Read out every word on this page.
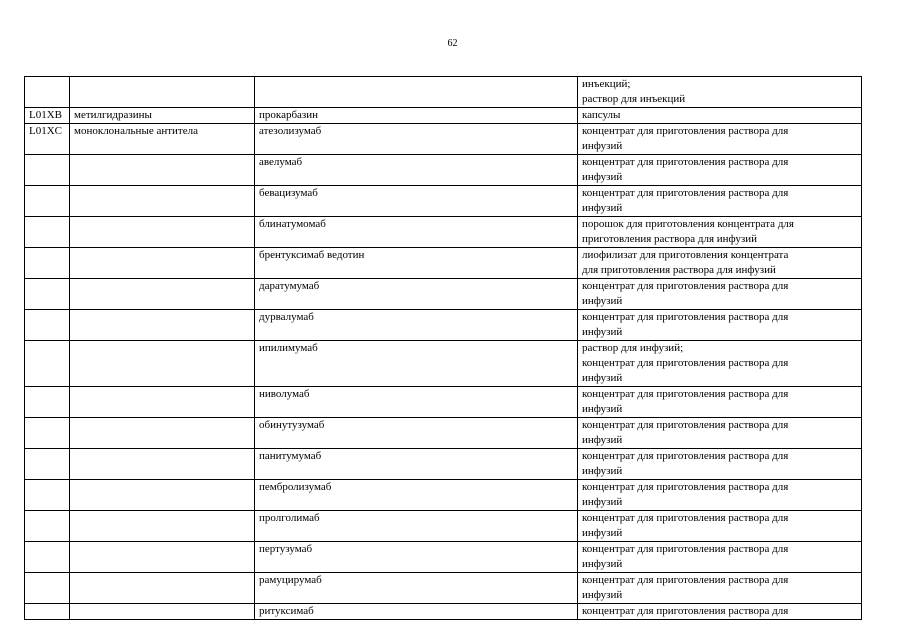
62

			инъекций;
раствор для инъекций

L01XB	метилгидразины	прокарбазин	капсулы
L01XC	моноклональные антитела	атезолизумаб	концентрат для приготовления раствора для
инфузий

		авелумаб	концентрат для приготовления раствора для
инфузий

		бевацизумаб	концентрат для приготовления раствора для
инфузий

		блинатумомаб	порошок для приготовления концентрата для
приготовления раствора для инфузий

		брентуксимаб ведотин	лиофилизат для приготовления концентрата
для приготовления раствора для инфузий

		даратумумаб	концентрат для приготовления раствора для
инфузий

		дурвалумаб	концентрат для приготовления раствора для
инфузий

		ипилимумаб	раствор для инфузий;
концентрат для приготовления раствора для
инфузий

		ниволумаб	концентрат для приготовления раствора для
инфузий

		обинутузумаб	концентрат для приготовления раствора для
инфузий

		панитумумаб	концентрат для приготовления раствора для
инфузий

		пембролизумаб	концентрат для приготовления раствора для
инфузий

		пролголимаб	концентрат для приготовления раствора для
инфузий

		пертузумаб	концентрат для приготовления раствора для
инфузий

		рамуцирумаб	концентрат для приготовления раствора для
инфузий

		ритуксимаб	концентрат для приготовления раствора для
